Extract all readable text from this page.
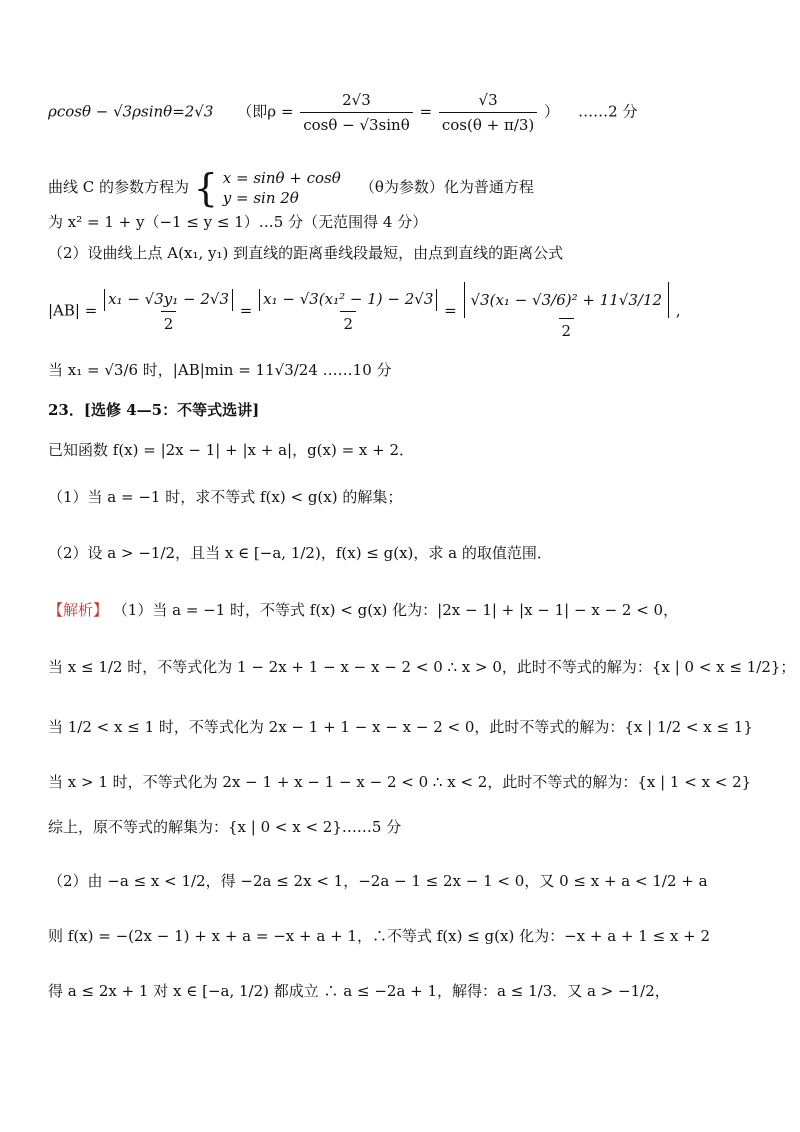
ρcosθ − √3ρsinθ=2√3 （即$\rho = \frac{2√3}{\cos\theta - √3\sin\theta} = \frac{√3}{\cos(\theta + \pi/3)}$ ） ……2 分
曲线 C 的参数方程为 { x = sinθ + cosθ
y = sin 2θ
（θ为参数）化为普通方程
为 x² = 1 + y（−1 ≤ y ≤ 1）…5 分（无范围得 4 分）
（2）设曲线上点 A(x₁, y₁) 到直线的距离垂线段最短，由点到直线的距离公式
$|AB| = \frac{\text{x₁ − √3y₁ − 2√3}}{2} = \frac{\text{x₁ − √3(x₁² − 1) − 2√3}}{2} = \frac{\text{√3(x₁ − √3/6)² + 11√3/12}}{2}$ ,
当 x₁ = √3/6 时，|AB|min = 11√3/24 ……10 分
23．[选修 4—5：不等式选讲]
已知函数 f(x) = |2x − 1| + |x + a|，g(x) = x + 2．
（1）当 a = −1 时，求不等式 f(x) < g(x) 的解集；
（2）设 a > −1/2，且当 x ∈ [−a, 1/2)，f(x) ≤ g(x)，求 a 的取值范围．
【解析】 （1）当 a = −1 时，不等式 f(x) < g(x) 化为：|2x − 1| + |x − 1| − x − 2 < 0，
当 x ≤ 1/2 时，不等式化为 1 − 2x + 1 − x − x − 2 < 0 ∴ x > 0，此时不等式的解为：{x | 0 < x ≤ 1/2}；
当 1/2 < x ≤ 1 时，不等式化为 2x − 1 + 1 − x − x − 2 < 0，此时不等式的解为：{x | 1/2 < x ≤ 1}
当 x > 1 时，不等式化为 2x − 1 + x − 1 − x − 2 < 0 ∴ x < 2，此时不等式的解为：{x | 1 < x < 2}
综上，原不等式的解集为：{x | 0 < x < 2}……5 分
（2）由 −a ≤ x < 1/2，得 −2a ≤ 2x < 1，−2a − 1 ≤ 2x − 1 < 0，又 0 ≤ x + a < 1/2 + a
则 f(x) = −(2x − 1) + x + a = −x + a + 1，∴不等式 f(x) ≤ g(x) 化为：−x + a + 1 ≤ x + 2
得 a ≤ 2x + 1 对 x ∈ [−a, 1/2) 都成立 ∴ a ≤ −2a + 1，解得：a ≤ 1/3．又 a > −1/2，
